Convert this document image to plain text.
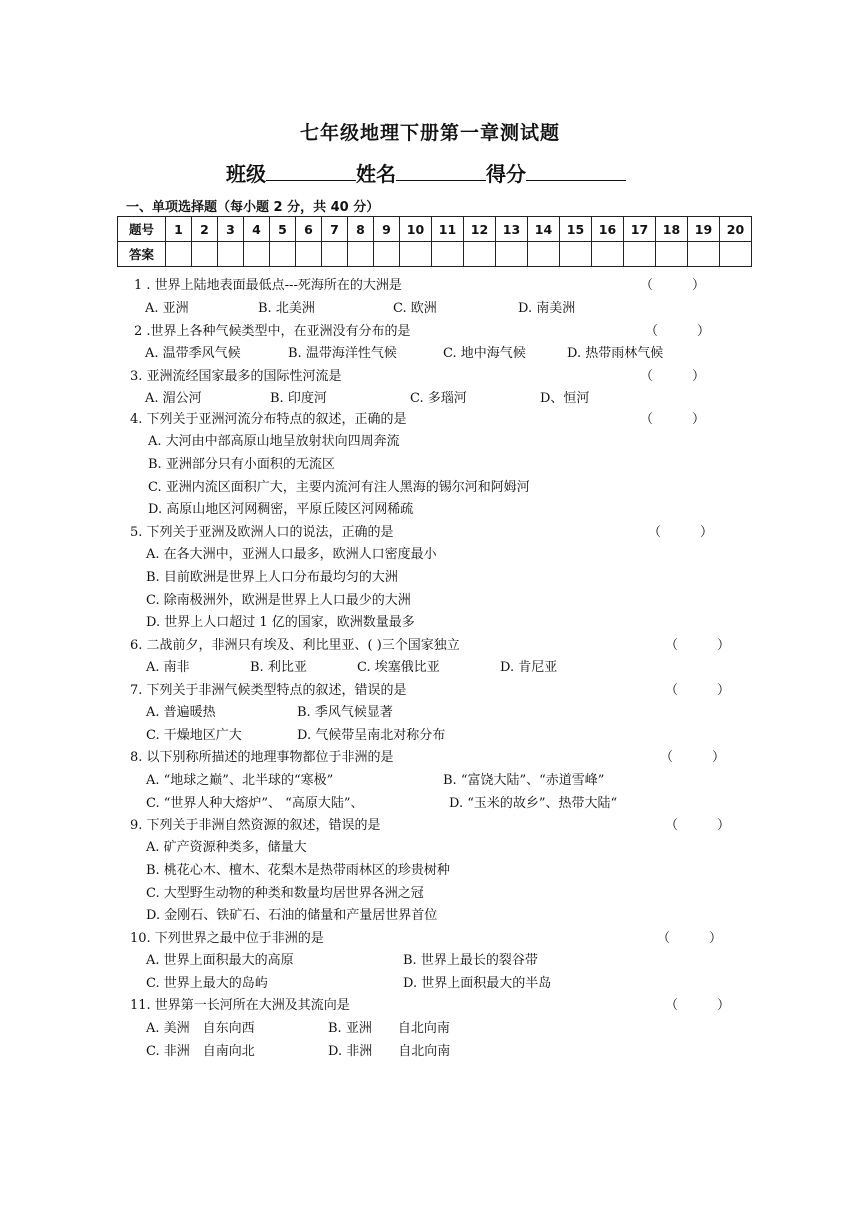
七年级地理下册第一章测试题
班级	姓名	得分
一、单项选择题（每小题 2 分，共 40 分）
题号	1	2	3	4	5	6	7	8	9	10	11	12	13	14	15	16	17	18	19	20
答案																				
1 . 世界上陆地表面最低点---死海所在的大洲是	（　　　）
A. 亚洲	B. 北美洲	C. 欧洲	D. 南美洲
2 .世界上各种气候类型中，在亚洲没有分布的是	（　　　）
A. 温带季风气候	B. 温带海洋性气候	C. 地中海气候	D. 热带雨林气候
3. 亚洲流经国家最多的国际性河流是	（　　　）
A. 湄公河	B. 印度河	C. 多瑙河	D、恒河
4. 下列关于亚洲河流分布特点的叙述，正确的是	（　　　）
A. 大河由中部高原山地呈放射状向四周奔流
B. 亚洲部分只有小面积的无流区
C. 亚洲内流区面积广大，主要内流河有注人黑海的锡尔河和阿姆河
D. 高原山地区河网稠密，平原丘陵区河网稀疏
5. 下列关于亚洲及欧洲人口的说法，正确的是	（　　　）
A. 在各大洲中，亚洲人口最多，欧洲人口密度最小
B. 目前欧洲是世界上人口分布最均匀的大洲
C. 除南极洲外，欧洲是世界上人口最少的大洲
D. 世界上人口超过 1 亿的国家，欧洲数量最多
6. 二战前夕，非洲只有埃及、利比里亚、( )三个国家独立	（　　　）
A. 南非	B. 利比亚	C. 埃塞俄比亚	D. 肯尼亚
7. 下列关于非洲气候类型特点的叙述，错误的是	（　　　）
A. 普遍暖热	B. 季风气候显著
C. 干燥地区广大	D. 气候带呈南北对称分布
8. 以下别称所描述的地理事物都位于非洲的是	（　　　）
A. “地球之巅”、北半球的“寒极”	B. “富饶大陆”、“赤道雪峰”
C. “世界人种大熔炉”、 “高原大陆”、	D. “玉米的故乡”、热带大陆“
9. 下列关于非洲自然资源的叙述，错误的是	（　　　）
A. 矿产资源种类多，储量大
B. 桃花心木、檀木、花梨木是热带雨林区的珍贵树种
C. 大型野生动物的种类和数量均居世界各洲之冠
D. 金刚石、铁矿石、石油的储量和产量居世界首位
10. 下列世界之最中位于非洲的是	（　　　）
A. 世界上面积最大的高原	B. 世界上最长的裂谷带
C. 世界上最大的岛屿	D. 世界上面积最大的半岛
11. 世界第一长河所在大洲及其流向是	（　　　）
A. 美洲　自东向西	B. 亚洲　　自北向南
C. 非洲　自南向北	D. 非洲　　自北向南
